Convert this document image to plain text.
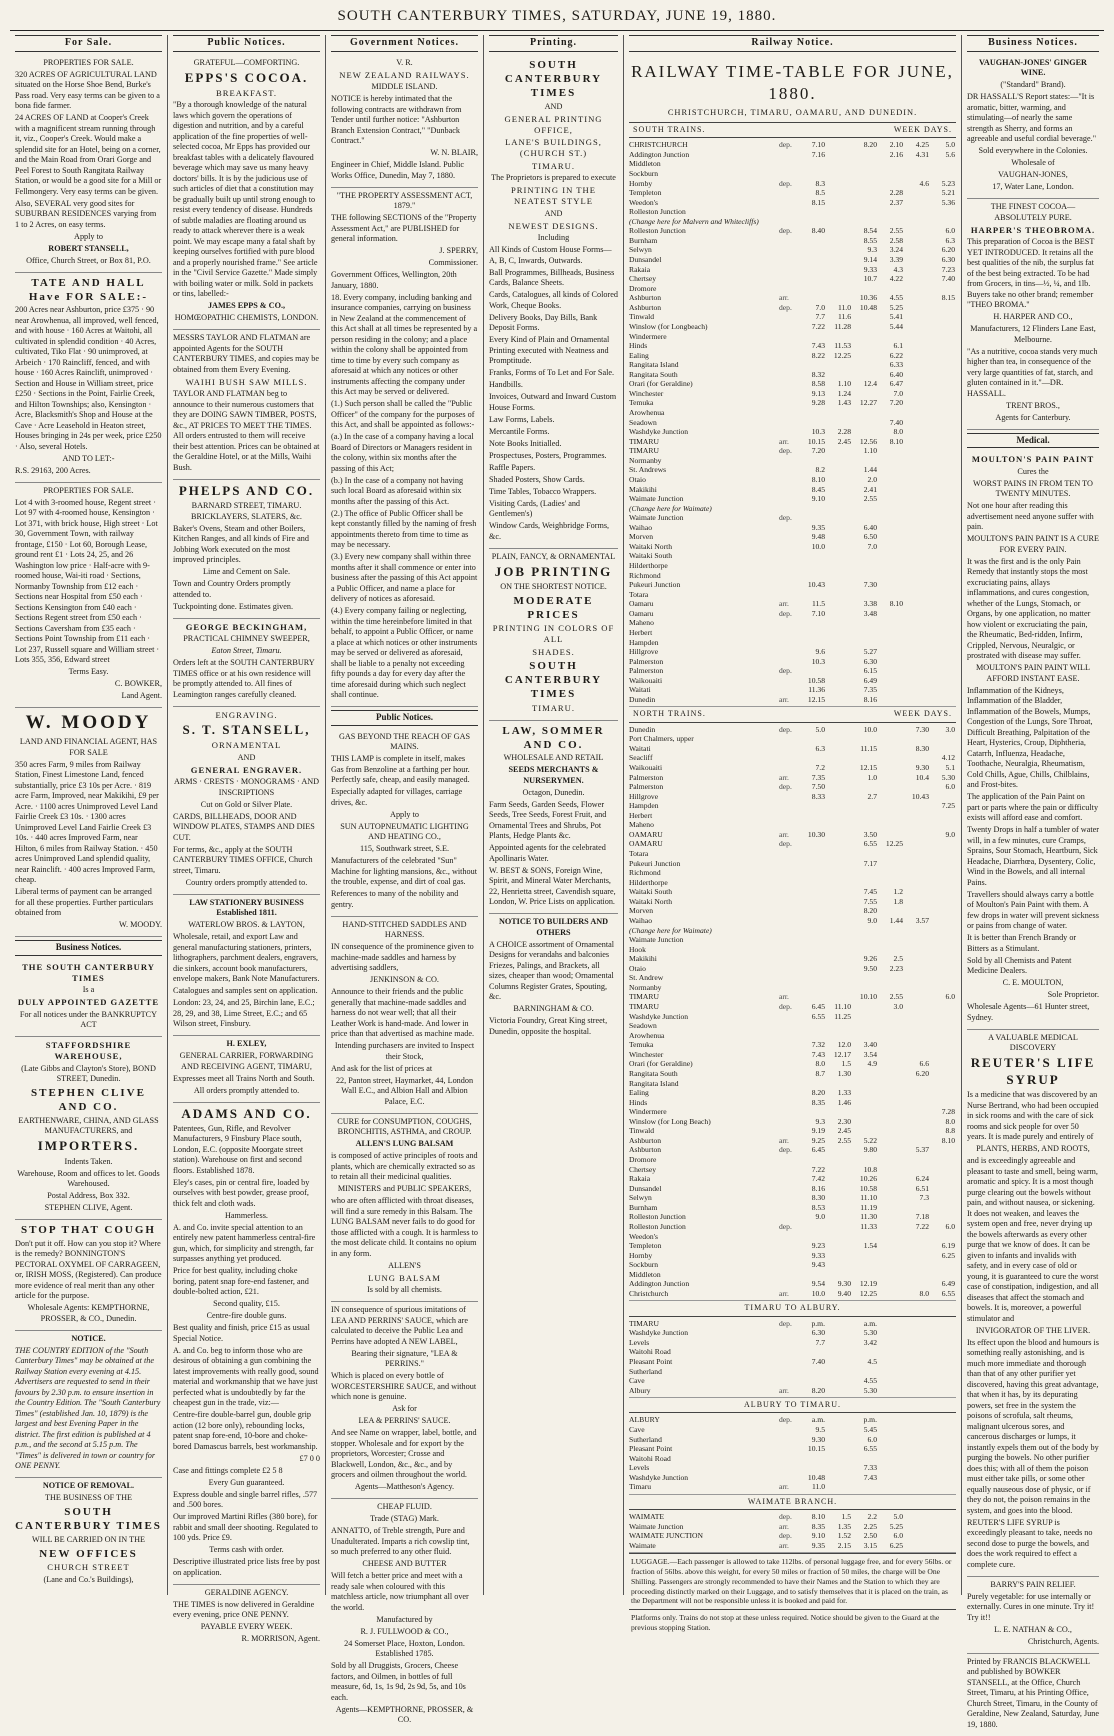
SOUTH CANTERBURY TIMES, SATURDAY, JUNE 19, 1880.
For Sale.

PROPERTIES FOR SALE.

320 ACRES OF AGRICULTURAL LAND situated on the Horse Shoe Bend, Burke's Pass road. Very easy terms can be given to a bona fide farmer.

24 ACRES OF LAND at Cooper's Creek with a magnificent stream running through it, viz., Cooper's Creek. Would make a splendid site for an Hotel, being on a corner, and the Main Road from Orari Gorge and Peel Forest to South Rangitata Railway Station, or would be a good site for a Mill or Fellmongery. Very easy terms can be given.

Also, SEVERAL very good sites for SUBURBAN RESIDENCES varying from 1 to 2 Acres, on easy terms.

Apply to

ROBERT STANSELL,

Office, Church Street, or Box 81, P.O.

TATE AND HALL Have FOR SALE:-

200 Acres near Ashburton, price £375 · 90 near Arowhenua, all improved, well fenced, and with house · 160 Acres at Waitohi, all cultivated in splendid condition · 40 Acres, cultivated, Tiko Flat · 90 unimproved, at Arbeich · 170 Raincliff, fenced, and with house · 160 Acres Rainclift, unimproved · Section and House in William street, price £250 · Sections in the Point, Fairlie Creek, and Hilton Townships; also, Kensington · Acre, Blacksmith's Shop and House at the Cave · Acre Leasehold in Heaton street, Houses bringing in 24s per week, price £250 · Also, several Hotels.

AND TO LET:-

R.S. 29163, 200 Acres.

PROPERTIES FOR SALE.

Lot 4 with 3-roomed house, Regent street · Lot 97 with 4-roomed house, Kensington · Lot 371, with brick house, High street · Lot 30, Government Town, with railway frontage, £150 · Lot 60, Borough Lease, ground rent £1 · Lots 24, 25, and 26 Washington low price · Half-acre with 9-roomed house, Wai-iti road · Sections, Normanby Township from £12 each · Sections near Hospital from £50 each · Sections Kensington from £40 each · Sections Regent street from £50 each · Sections Caversham from £35 each · Sections Point Township from £11 each · Lot 237, Russell square and William street · Lots 355, 356, Edward street

Terms Easy.

C. BOWKER,

Land Agent.

W. MOODY

LAND AND FINANCIAL AGENT, HAS FOR SALE

350 acres Farm, 9 miles from Railway Station, Finest Limestone Land, fenced substantially, price £3 10s per Acre. · 819 acre Farm, Improved, near Makikihi, £9 per Acre. · 1100 acres Unimproved Level Land Fairlie Creek £3 10s. · 1300 acres Unimproved Level Land Fairlie Creek £3 10s. · 440 acres Improved Farm, near Hilton, 6 miles from Railway Station. · 450 acres Unimproved Land splendid quality, near Rainclift. · 400 acres Improved Farm, cheap.

Liberal terms of payment can be arranged for all these properties. Further particulars obtained from

W. MOODY.

Business Notices.

THE SOUTH CANTERBURY TIMES

Is a

DULY APPOINTED GAZETTE

For all notices under the BANKRUPTCY ACT

STAFFORDSHIRE WAREHOUSE,

(Late Gibbs and Clayton's Store), BOND STREET, Dunedin.

STEPHEN CLIVE AND CO.

EARTHENWARE, CHINA, AND GLASS MANUFACTURERS, and

IMPORTERS.

Indents Taken.

Warehouse, Room and offices to let. Goods Warehoused.

Postal Address, Box 332.

STEPHEN CLIVE, Agent.

STOP THAT COUGH

Don't put it off. How can you stop it? Where is the remedy? BONNINGTON'S PECTORAL OXYMEL OF CARRAGEEN, or, IRISH MOSS, (Registered). Can produce more evidence of real merit than any other article for the purpose.

Wholesale Agents: KEMPTHORNE, PROSSER, & CO., Dunedin.

NOTICE.

THE COUNTRY EDITION of the "South Canterbury Times" may be obtained at the Railway Station every evening at 4.15. Advertisers are requested to send in their favours by 2.30 p.m. to ensure insertion in the Country Edition. The "South Canterbury Times" (established Jan. 10, 1879) is the largest and best Evening Paper in the district. The first edition is published at 4 p.m., and the second at 5.15 p.m. The "Times" is delivered in town or country for ONE PENNY.

NOTICE OF REMOVAL.

THE BUSINESS OF THE

SOUTH CANTERBURY TIMES

WILL BE CARRIED ON IN THE

NEW OFFICES

CHURCH STREET

(Lane and Co.'s Buildings),

Public Notices.

GRATEFUL—COMFORTING.

EPPS'S COCOA.

BREAKFAST.

"By a thorough knowledge of the natural laws which govern the operations of digestion and nutrition, and by a careful application of the fine properties of well-selected cocoa, Mr Epps has provided our breakfast tables with a delicately flavoured beverage which may save us many heavy doctors' bills. It is by the judicious use of such articles of diet that a constitution may be gradually built up until strong enough to resist every tendency of disease. Hundreds of subtle maladies are floating around us ready to attack wherever there is a weak point. We may escape many a fatal shaft by keeping ourselves fortified with pure blood and a properly nourished frame." See article in the "Civil Service Gazette." Made simply with boiling water or milk. Sold in packets or tins, labelled:-

JAMES EPPS & CO.,

HOMŒOPATHIC CHEMISTS, LONDON.

MESSRS TAYLOR AND FLATMAN are appointed Agents for the SOUTH CANTERBURY TIMES, and copies may be obtained from them Every Evening.

WAIHI BUSH SAW MILLS.

TAYLOR AND FLATMAN beg to announce to their numerous customers that they are DOING SAWN TIMBER, POSTS, &c., AT PRICES TO MEET THE TIMES. All orders entrusted to them will receive their best attention. Prices can be obtained at the Geraldine Hotel, or at the Mills, Waihi Bush.

PHELPS AND CO.

BARNARD STREET, TIMARU. BRICKLAYERS, SLATERS, &c.

Baker's Ovens, Steam and other Boilers, Kitchen Ranges, and all kinds of Fire and Jobbing Work executed on the most improved principles.

Lime and Cement on Sale.

Town and Country Orders promptly attended to.

Tuckpointing done. Estimates given.

GEORGE BECKINGHAM,

PRACTICAL CHIMNEY SWEEPER,

Eaton Street, Timaru.

Orders left at the SOUTH CANTERBURY TIMES office or at his own residence will be promptly attended to. All fines of Leamington ranges carefully cleaned.

ENGRAVING.

S. T. STANSELL,

ORNAMENTAL

AND

GENERAL ENGRAVER.

ARMS · CRESTS · MONOGRAMS · AND INSCRIPTIONS

Cut on Gold or Silver Plate.

CARDS, BILLHEADS, DOOR AND WINDOW PLATES, STAMPS AND DIES CUT.

For terms, &c., apply at the SOUTH CANTERBURY TIMES OFFICE, Church street, Timaru.

Country orders promptly attended to.

LAW STATIONERY BUSINESS Established 1811.

WATERLOW BROS. & LAYTON,

Wholesale, retail, and export Law and general manufacturing stationers, printers, lithographers, parchment dealers, engravers, die sinkers, account book manufacturers, envelope makers, Bank Note Manufacturers.

Catalogues and samples sent on application.

London: 23, 24, and 25, Birchin lane, E.C.; 28, 29, and 38, Lime Street, E.C.; and 65 Wilson street, Finsbury.

H. EXLEY,

GENERAL CARRIER, FORWARDING AND RECEIVING AGENT, TIMARU,

Expresses meet all Trains North and South.

All orders promptly attended to.

ADAMS AND CO.

Patentees, Gun, Rifle, and Revolver Manufacturers, 9 Finsbury Place south, London, E.C. (opposite Moorgate street station). Warehouse on first and second floors. Established 1878.

Eley's cases, pin or central fire, loaded by ourselves with best powder, grease proof, thick felt and cloth wads.

Hammerless.

A. and Co. invite special attention to an entirely new patent hammerless central-fire gun, which, for simplicity and strength, far surpasses anything yet produced.

Price for best quality, including choke boring, patent snap fore-end fastener, and double-bolted action, £21.

Second quality, £15.

Centre-fire double guns.

Best quality and finish, price £15 as usual Special Notice.

A. and Co. beg to inform those who are desirous of obtaining a gun combining the latest improvements with really good, sound material and workmanship that we have just perfected what is undoubtedly by far the cheapest gun in the trade, viz:—

Centre-fire double-barrel gun, double grip action (12 bore only), rebounding locks, patent snap fore-end, 10-bore and choke-bored Damascus barrels, best workmanship.

£7 0 0

Case and fittings complete £2 5 8

Every Gun guaranteed.

Express double and single barrel rifles, .577 and .500 bores.

Our improved Martini Rifles (380 bore), for rabbit and small deer shooting. Regulated to 100 yds. Price £9.

Terms cash with order.

Descriptive illustrated price lists free by post on application.

GERALDINE AGENCY.

THE TIMES is now delivered in Geraldine every evening, price ONE PENNY.

PAYABLE EVERY WEEK.

R. MORRISON, Agent.

Government Notices.

V. R.

NEW ZEALAND RAILWAYS.

MIDDLE ISLAND.

NOTICE is hereby intimated that the following contracts are withdrawn from Tender until further notice: "Ashburton Branch Extension Contract," "Dunback Contract."

W. N. BLAIR,

Engineer in Chief, Middle Island. Public Works Office, Dunedin, May 7, 1880.

"THE PROPERTY ASSESSMENT ACT, 1879."

THE following SECTIONS of the "Property Assessment Act," are PUBLISHED for general information.

J. SPERRY,

Commissioner.

Government Offices, Wellington, 20th January, 1880.

18. Every company, including banking and insurance companies, carrying on business in New Zealand at the commencement of this Act shall at all times be represented by a person residing in the colony; and a place within the colony shall be appointed from time to time by every such company as aforesaid at which any notices or other instruments affecting the company under this Act may be served or delivered.

(1.) Such person shall be called the "Public Officer" of the company for the purposes of this Act, and shall be appointed as follows:-

(a.) In the case of a company having a local Board of Directors or Managers resident in the colony, within six months after the passing of this Act;

(b.) In the case of a company not having such local Board as aforesaid within six months after the passing of this Act.

(2.) The office of Public Officer shall be kept constantly filled by the naming of fresh appointments thereto from time to time as may be necessary.

(3.) Every new company shall within three months after it shall commence or enter into business after the passing of this Act appoint a Public Officer, and name a place for delivery of notices as aforesaid.

(4.) Every company failing or neglecting, within the time hereinbefore limited in that behalf, to appoint a Public Officer, or name a place at which notices or other instruments may be served or delivered as aforesaid, shall be liable to a penalty not exceeding fifty pounds a day for every day after the time aforesaid during which such neglect shall continue.

Public Notices.

GAS BEYOND THE REACH OF GAS MAINS.

THIS LAMP is complete in itself, makes Gas from Benzoline at a farthing per hour. Perfectly safe, cheap, and easily managed.

Especially adapted for villages, carriage drives, &c.

Apply to

SUN AUTOPNEUMATIC LIGHTING AND HEATING CO.,

115, Southwark street, S.E.

Manufacturers of the celebrated "Sun" Machine for lighting mansions, &c., without the trouble, expense, and dirt of coal gas.

References to many of the nobility and gentry.

HAND-STITCHED SADDLES AND HARNESS.

IN consequence of the prominence given to machine-made saddles and harness by advertising saddlers,

JENKINSON & CO.

Announce to their friends and the public generally that machine-made saddles and harness do not wear well; that all their Leather Work is hand-made. And lower in price than that advertised as machine made.

Intending purchasers are invited to Inspect their Stock,

And ask for the list of prices at

22, Panton street, Haymarket, 44, London Wall E.C., and Albion Hall and Albion Palace, E.C.

CURE for CONSUMPTION, COUGHS, BRONCHITIS, ASTHMA, and CROUP.

ALLEN'S LUNG BALSAM

is composed of active principles of roots and plants, which are chemically extracted so as to retain all their medicinal qualities.

MINISTERS and PUBLIC SPEAKERS,

who are often afflicted with throat diseases, will find a sure remedy in this Balsam. The LUNG BALSAM never fails to do good for those afflicted with a cough. It is harmless to the most delicate child. It contains no opium in any form.

ALLEN'S

LUNG BALSAM

Is sold by all chemists.

IN consequence of spurious imitations of LEA AND PERRINS' SAUCE, which are calculated to deceive the Public Lea and Perrins have adopted A NEW LABEL,

Bearing their signature, "LEA & PERRINS."

Which is placed on every bottle of WORCESTERSHIRE SAUCE, and without which none is genuine.

Ask for

LEA & PERRINS' SAUCE.

And see Name on wrapper, label, bottle, and stopper. Wholesale and for export by the proprietors, Worcester; Crosse and Blackwell, London, &c., &c., and by grocers and oilmen throughout the world.

Agents—Mattheson's Agency.

CHEAP FLUID.

Trade (STAG) Mark.

ANNATTO, of Treble strength, Pure and Unadulterated. Imparts a rich cowslip tint, so much preferred to any other fluid.

CHEESE AND BUTTER

Will fetch a better price and meet with a ready sale when coloured with this matchless article, now triumphant all over the world.

Manufactured by

R. J. FULLWOOD & CO.,

24 Somerset Place, Hoxton, London. Established 1785.

Sold by all Druggists, Grocers, Cheese factors, and Oilmen, in bottles of full measure, 6d, 1s, 1s 9d, 2s 9d, 5s, and 10s each.

Agents—KEMPTHORNE, PROSSER, & CO.

Printing.

SOUTH CANTERBURY TIMES

AND

GENERAL PRINTING OFFICE,

LANE'S BUILDINGS, (CHURCH ST.)

TIMARU.

The Proprietors is prepared to execute

PRINTING IN THE NEATEST STYLE

AND

NEWEST DESIGNS.

Including

All Kinds of Custom House Forms—A, B, C, Inwards, Outwards.

Ball Programmes, Billheads, Business Cards, Balance Sheets.

Cards, Catalogues, all kinds of Colored Work, Cheque Books.

Delivery Books, Day Bills, Bank Deposit Forms.

Every Kind of Plain and Ornamental Printing executed with Neatness and Promptitude.

Franks, Forms of To Let and For Sale.

Handbills.

Invoices, Outward and Inward Custom House Forms.

Law Forms, Labels.

Mercantile Forms.

Note Books Initialled.

Prospectuses, Posters, Programmes.

Raffle Papers.

Shaded Posters, Show Cards.

Time Tables, Tobacco Wrappers.

Visiting Cards, (Ladies' and Gentlemen's)

Window Cards, Weighbridge Forms, &c.

PLAIN, FANCY, & ORNAMENTAL

JOB PRINTING

ON THE SHORTEST NOTICE.

MODERATE PRICES

PRINTING IN COLORS OF ALL

SHADES.

SOUTH CANTERBURY TIMES

TIMARU.

LAW, SOMMER AND CO.

WHOLESALE AND RETAIL

SEEDS MERCHANTS & NURSERYMEN.

Octagon, Dunedin.

Farm Seeds, Garden Seeds, Flower Seeds, Tree Seeds, Forest Fruit, and Ornamental Trees and Shrubs, Pot Plants, Hedge Plants &c.

Appointed agents for the celebrated Apollinaris Water.

W. BEST & SONS, Foreign Wine, Spirit, and Mineral Water Merchants, 22, Henrietta street, Cavendish square, London, W. Price Lists on application.

NOTICE TO BUILDERS AND OTHERS

A CHOICE assortment of Ornamental Designs for verandahs and balconies Friezes, Palings, and Brackets, all sizes, cheaper than wood; Ornamental Columns Register Grates, Spouting, &c.

BARNINGHAM & CO.

Victoria Foundry, Great King street, Dunedin, opposite the hospital.

Railway Notice.
RAILWAY TIME-TABLE FOR JUNE, 1880.
CHRISTCHURCH, TIMARU, OAMARU, AND DUNEDIN.
SOUTH TRAINS.	WEEK DAYS.
CHRISTCHURCH	dep.	7.10	8.20	2.10	4.25	5.0
Addington Junction	7.16	2.16	4.31	5.6
Middleton
Sockburn
Hornby	dep.	8.3	4.6	5.23
Templeton	8.5	2.28	5.21
Weedon's	8.15	2.37	5.36
Rolleston Junction
(Change here for Malvern and Whitecliffs)
Rolleston Junction	dep.	8.40	8.54	2.55	6.0
Burnham	8.55	2.58	6.3
Selwyn	9.3	3.24	6.20
Dunsandel	9.14	3.39	6.30
Rakaia	9.33	4.3	7.23
Chertsey	10.7	4.22	7.40
Dromore
Ashburton	arr.	10.36	4.55	8.15
Ashburton	dep.	7.0	11.0	10.48	5.25
Tinwald	7.7	11.6	5.41
Winslow (for Longbeach)	7.22	11.28	5.44
Windermere
Hinds	7.43	11.53	6.1
Ealing	8.22	12.25	6.22
Rangitata Island	6.33
Rangitata South	8.32	6.40
Orari (for Geraldine)	8.58	1.10	12.4	6.47
Winchester	9.13	1.24	7.0
Temuka	9.28	1.43	12.27	7.20
Arowhenua
Seadown	7.40
Washdyke Junction	10.3	2.28	8.0
TIMARU	arr.	10.15	2.45	12.56	8.10
TIMARU	dep.	7.20	1.10
Normanby
St. Andrews	8.2	1.44
Otaio	8.10	2.0
Makikihi	8.45	2.41
Waimate Junction	9.10	2.55
(Change here for Waimate)
Waimate Junction	dep.
Waihao	9.35	6.40
Morven	9.48	6.50
Waitaki North	10.0	7.0
Waitaki South
Hilderthorpe
Richmond
Pukeuri Junction	10.43	7.30
Totara
Oamaru	arr.	11.5	3.38	8.10
Oamaru	dep.	7.10	3.48
Maheno
Herbert
Hampden
Hillgrove	9.6	5.27
Palmerston	10.3	6.30
Palmerston	dep.	6.15
Waikouaiti	10.58	6.49
Waitati	11.36	7.35
Dunedin	arr.	12.15	8.16
NORTH TRAINS.	WEEK DAYS.
Dunedin	dep.	5.0	10.0	7.30	3.0
Port Chalmers, upper
Waitati	6.3	11.15	8.30
Seacliff	4.12
Waikouaiti	7.2	12.15	9.30	5.1
Palmerston	arr.	7.35	1.0	10.4	5.30
Palmerston	dep.	7.50	6.0
Hillgrove	8.33	2.7	10.43
Hampden	7.25
Herbert
Maheno
OAMARU	arr.	10.30	3.50	9.0
OAMARU	dep.	6.55	12.25
Totara
Pukeuri Junction	7.17
Richmond
Hilderthorpe
Waitaki South	7.45	1.2
Waitaki North	7.55	1.8
Morven	8.20
Waihao	9.0	1.44	3.57
(Change here for Waimate)
Waimate Junction
Hook
Makikihi	9.26	2.5
Otaio	9.50	2.23
St. Andrew
Normanby
TIMARU	arr.	10.10	2.55	6.0
TIMARU	dep.	6.45	11.10	3.0
Washdyke Junction	6.55	11.25
Seadown
Arowhenua
Temuka	7.32	12.0	3.40
Winchester	7.43	12.17	3.54
Orari (for Geraldine)	8.0	1.5	4.9	6.6
Rangitata South	8.7	1.30	6.20
Rangitata Island
Ealing	8.20	1.33
Hinds	8.35	1.46
Windermere	7.28
Winslow (for Long Beach)	9.3	2.30	8.0
Tinwald	9.19	2.45	8.8
Ashburton	arr.	9.25	2.55	5.22	8.10
Ashburton	dep.	6.45	9.80	5.37
Dromore
Chertsey	7.22	10.8
Rakaia	7.42	10.26	6.24
Dunsandel	8.16	10.58	6.51
Selwyn	8.30	11.10	7.3
Burnham	8.53	11.19
Rolleston Junction	9.0	11.30	7.18
Rolleston Junction	dep.	11.33	7.22	6.0
Weedon's
Templeton	9.23	1.54	6.19
Hornby	9.33	6.25
Sockburn	9.43
Middleton
Addington Junction	9.54	9.30	12.19	6.49
Christchurch	arr.	10.0	9.40	12.25	8.0	6.55
TIMARU TO ALBURY.
TIMARU	dep.	p.m.	a.m.
Washdyke Junction	6.30	5.30
Levels	7.7	3.42
Waitohi Road
Pleasant Point	7.40	4.5
Sutherland
Cave	4.55
Albury	arr.	8.20	5.30
ALBURY TO TIMARU.
ALBURY	dep.	a.m.	p.m.
Cave	9.5	5.45
Sutherland	9.30	6.0
Pleasant Point	10.15	6.55
Waitohi Road
Levels	7.33
Washdyke Junction	10.48	7.43
Timaru	arr.	11.0
WAIMATE BRANCH.
WAIMATE	dep.	8.10	1.5	2.2	5.0
Waimate Junction	arr.	8.35	1.35	2.25	5.25
WAIMATE JUNCTION	dep.	9.10	1.52	2.50	6.0
Waimate	arr.	9.35	2.15	3.15	6.25
LUGGAGE.—Each passenger is allowed to take 112lbs. of personal luggage free, and for every 56lbs. or fraction of 56lbs. above this weight, for every 50 miles or fraction of 50 miles, the charge will be One Shilling. Passengers are strongly recommended to have their Names and the Station to which they are proceeding distinctly marked on their Luggage, and to satisfy themselves that it is placed on the train, as the Department will not be responsible unless it is booked and paid for.
Platforms only. Trains do not stop at these unless required. Notice should be given to the Guard at the previous stopping Station.
Business Notices.

VAUGHAN-JONES' GINGER WINE.

("Standard" Brand).

DR HASSALL'S Report states:—"It is aromatic, bitter, warming, and stimulating—of nearly the same strength as Sherry, and forms an agreeable and useful cordial beverage."

Sold everywhere in the Colonies.

Wholesale of

VAUGHAN-JONES,

17, Water Lane, London.

THE FINEST COCOA—ABSOLUTELY PURE.

HARPER'S THEOBROMA.

This preparation of Cocoa is the BEST YET INTRODUCED. It retains all the best qualities of the nib, the surplus fat of the best being extracted. To be had from Grocers, in tins—½, ¼, and 1lb. Buyers take no other brand; remember "THEO BROMA."

H. HARPER AND CO.,

Manufacturers, 12 Flinders Lane East, Melbourne.

"As a nutritive, cocoa stands very much higher than tea, in consequence of the very large quantities of fat, starch, and gluten contained in it."—DR. HASSALL.

TRENT BROS.,

Agents for Canterbury.

Medical.

MOULTON'S PAIN PAINT

Cures the

WORST PAINS IN FROM TEN TO TWENTY MINUTES.

Not one hour after reading this advertisement need anyone suffer with pain.

MOULTON'S PAIN PAINT IS A CURE FOR EVERY PAIN.

It was the first and is the only Pain Remedy that instantly stops the most excruciating pains, allays inflammations, and cures congestion, whether of the Lungs, Stomach, or Organs, by one application, no matter how violent or excruciating the pain, the Rheumatic, Bed-ridden, Infirm, Crippled, Nervous, Neuralgic, or prostrated with disease may suffer.

MOULTON'S PAIN PAINT WILL AFFORD INSTANT EASE.

Inflammation of the Kidneys, Inflammation of the Bladder, Inflammation of the Bowels, Mumps, Congestion of the Lungs, Sore Throat, Difficult Breathing, Palpitation of the Heart, Hysterics, Croup, Diphtheria, Catarrh, Influenza, Headache, Toothache, Neuralgia, Rheumatism, Cold Chills, Ague, Chills, Chilblains, and Frost-bites.

The application of the Pain Paint on part or parts where the pain or difficulty exists will afford ease and comfort.

Twenty Drops in half a tumbler of water will, in a few minutes, cure Cramps, Sprains, Sour Stomach, Heartburn, Sick Headache, Diarrhœa, Dysentery, Colic, Wind in the Bowels, and all internal Pains.

Travellers should always carry a bottle of Moulton's Pain Paint with them. A few drops in water will prevent sickness or pains from change of water.

It is better than French Brandy or Bitters as a Stimulant.

Sold by all Chemists and Patent Medicine Dealers.

C. E. MOULTON,

Sole Proprietor.

Wholesale Agents—61 Hunter street, Sydney.

A VALUABLE MEDICAL DISCOVERY

REUTER'S LIFE SYRUP

Is a medicine that was discovered by an Nurse Bertrand, who had been occupied in sick rooms and with the care of sick rooms and sick people for over 50 years. It is made purely and entirely of

PLANTS, HERBS, AND ROOTS,

and is exceedingly agreeable and pleasant to taste and smell, being warm, aromatic and spicy. It is a most though purge clearing out the bowels without pain, and without nausea, or sickening. It does not weaken, and leaves the system open and free, never drying up the bowels afterwards as every other purge that we know of does. It can be given to infants and invalids with safety, and in every case of old or young, it is guaranteed to cure the worst case of constipation, indigestion, and all diseases that affect the stomach and bowels. It is, moreover, a powerful stimulator and

INVIGORATOR OF THE LIVER.

Its effect upon the blood and humours is something really astonishing, and is much more immediate and thorough than that of any other purifier yet discovered, having this great advantage, that when it has, by its depurating powers, set free in the system the poisons of scrofula, salt rheums, malignant ulcerous sores, and cancerous discharges or lumps, it instantly expels them out of the body by purging the bowels. No other purifier does this; with all of them the poison must either take pills, or some other equally nauseous dose of physic, or if they do not, the poison remains in the system, and goes into the blood.

REUTER'S LIFE SYRUP is exceedingly pleasant to take, needs no second dose to purge the bowels, and does the work required to effect a complete cure.

BARRY'S PAIN RELIEF.

Purely vegetable: for use internally or externally. Cures in one minute. Try it! Try it!!

L. E. NATHAN & CO.,

Christchurch, Agents.

Printed by FRANCIS BLACKWELL and published by BOWKER STANSELL, at the Office, Church Street, Timaru, at his Printing Office, Church Street, Timaru, in the County of Geraldine, New Zealand, Saturday, June 19, 1880.
